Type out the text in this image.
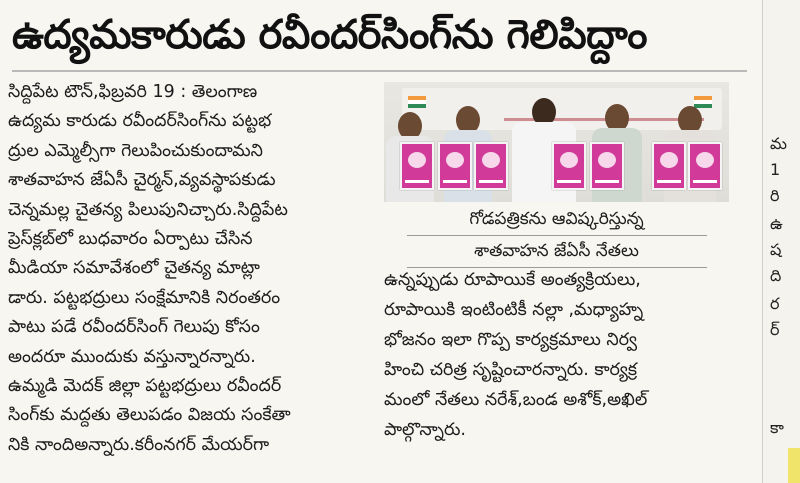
ఉద్యమకారుడు రవీందర్‌సింగ్‌ను గెలిపిద్దాం

సిద్దిపేట టౌన్,ఫిబ్రవరి 19 : తెలంగాణ
ఉద్యమ కారుడు రవీందర్‌సింగ్‌ను పట్టభ
ద్రుల ఎమ్మెల్సీగా గెలుపించుకుందామని
శాతవాహన జేఏసీ చైర్మన్,వ్యవస్థాపకుడు
చెన్నమల్ల చైతన్య పిలుపునిచ్చారు.సిద్దిపేట
ప్రెస్‌క్లబ్‌లో బుధవారం ఏర్పాటు చేసిన
మీడియా సమావేశంలో చైతన్య మాట్లా
డారు. పట్టభద్రులు సంక్షేమానికి నిరంతరం
పాటు పడే రవీందర్‌సింగ్ గెలుపు కోసం
అందరూ ముందుకు వస్తున్నారన్నారు.
ఉమ్మడి మెదక్ జిల్లా పట్టభద్రులు రవీందర్
సింగ్‌కు మద్దతు తెలుపడం విజయ సంకేతా
నికి నాందిఅన్నారు.కరీంనగర్ మేయర్‌గా

గోడపత్రికను ఆవిష్కరిస్తున్న
శాతవాహన జేఏసీ నేతలు

ఉన్నప్పుడు రూపాయికే అంత్యక్రియలు,
రూపాయికి ఇంటింటికీ నల్లా ,మధ్యాహ్న
భోజనం ఇలా గొప్ప కార్యక్రమాలు నిర్వ
హించి చరిత్ర సృష్టించారన్నారు. కార్యక్ర
మంలో నేతలు నరేశ్,బండ అశోక్,అఖిల్
పాల్గొన్నారు.

మ
1
రి
ఉ
ష
ది
ర
ర్
కా
